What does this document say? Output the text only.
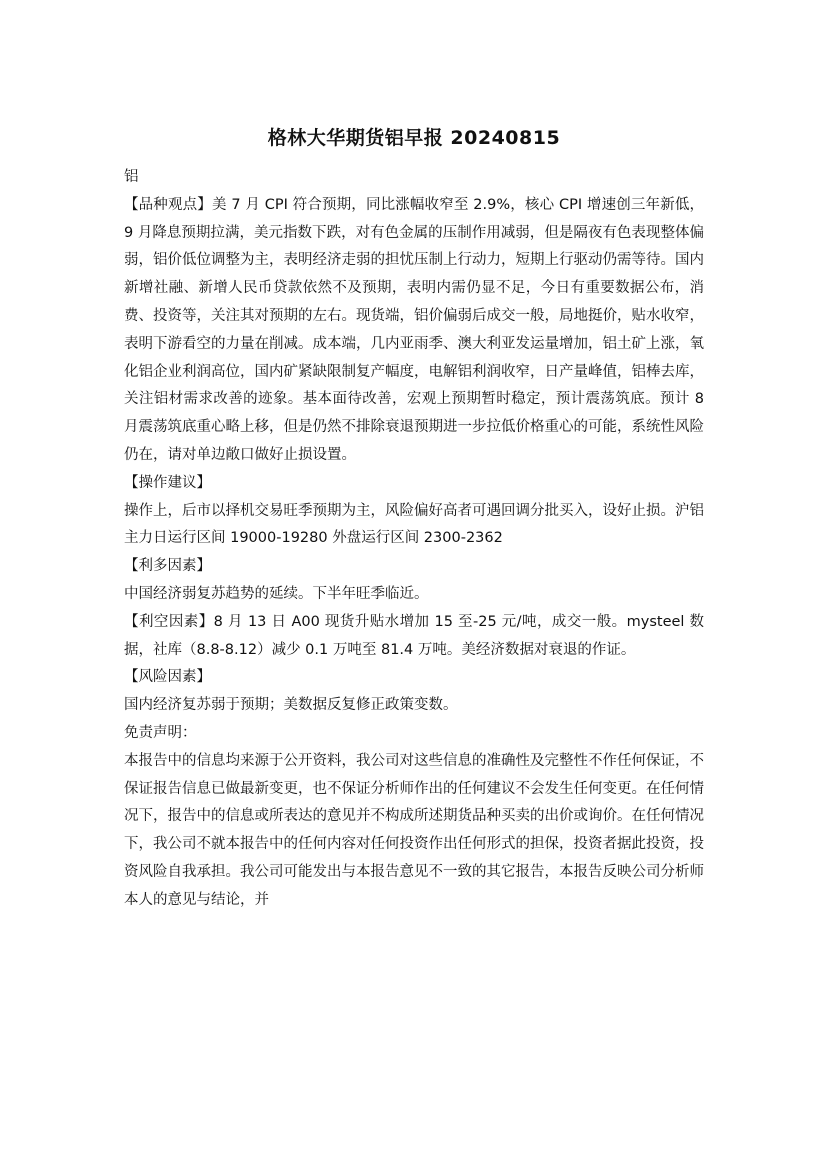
格林大华期货铝早报 20240815

铝

【品种观点】美 7 月 CPI 符合预期，同比涨幅收窄至 2.9%，核心 CPI 增速创三年新低，9 月降息预期拉满，美元指数下跌，对有色金属的压制作用减弱，但是隔夜有色表现整体偏弱，铝价低位调整为主，表明经济走弱的担忧压制上行动力，短期上行驱动仍需等待。国内新增社融、新增人民币贷款依然不及预期，表明内需仍显不足，今日有重要数据公布，消费、投资等，关注其对预期的左右。现货端，铝价偏弱后成交一般，局地挺价，贴水收窄，表明下游看空的力量在削减。成本端，几内亚雨季、澳大利亚发运量增加，铝土矿上涨，氧化铝企业利润高位，国内矿紧缺限制复产幅度，电解铝利润收窄，日产量峰值，铝棒去库，关注铝材需求改善的迹象。基本面待改善，宏观上预期暂时稳定，预计震荡筑底。预计 8 月震荡筑底重心略上移，但是仍然不排除衰退预期进一步拉低价格重心的可能，系统性风险仍在，请对单边敞口做好止损设置。

【操作建议】

操作上，后市以择机交易旺季预期为主，风险偏好高者可遇回调分批买入，设好止损。沪铝主力日运行区间 19000-19280 外盘运行区间 2300-2362

【利多因素】

中国经济弱复苏趋势的延续。下半年旺季临近。

【利空因素】8 月 13 日 A00 现货升贴水增加 15 至-25 元/吨，成交一般。mysteel 数据，社库（8.8-8.12）减少 0.1 万吨至 81.4 万吨。美经济数据对衰退的作证。

【风险因素】

国内经济复苏弱于预期；美数据反复修正政策变数。

免责声明：

本报告中的信息均来源于公开资料，我公司对这些信息的准确性及完整性不作任何保证，不保证报告信息已做最新变更，也不保证分析师作出的任何建议不会发生任何变更。在任何情况下，报告中的信息或所表达的意见并不构成所述期货品种买卖的出价或询价。在任何情况下，我公司不就本报告中的任何内容对任何投资作出任何形式的担保，投资者据此投资，投资风险自我承担。我公司可能发出与本报告意见不一致的其它报告，本报告反映公司分析师本人的意见与结论，并
